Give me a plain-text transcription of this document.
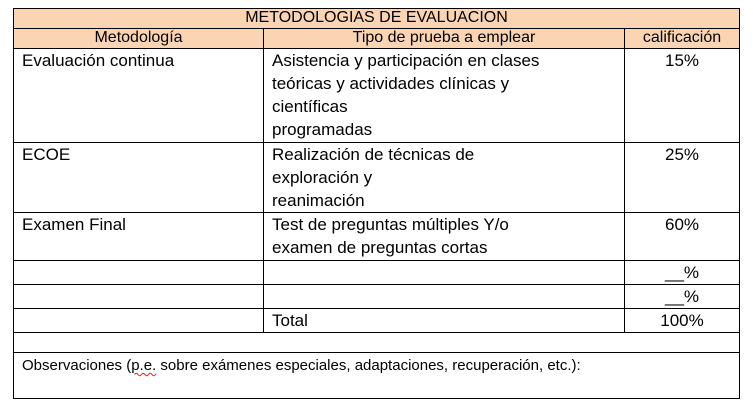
METODOLOGIAS DE EVALUACION		
Metodología	Tipo de prueba a emplear	calificación
Evaluación continua	Asistencia y participación en clases
teóricas y actividades clínicas y
científicas
programadas	15%
ECOE	Realización de técnicas de
exploración y
reanimación	25%
Examen Final	Test de preguntas múltiples Y/o
examen de preguntas cortas	60%
		__%
		__%
	Total	100%

Observaciones (p.e. sobre exámenes especiales, adaptaciones, recuperación, etc.):		
